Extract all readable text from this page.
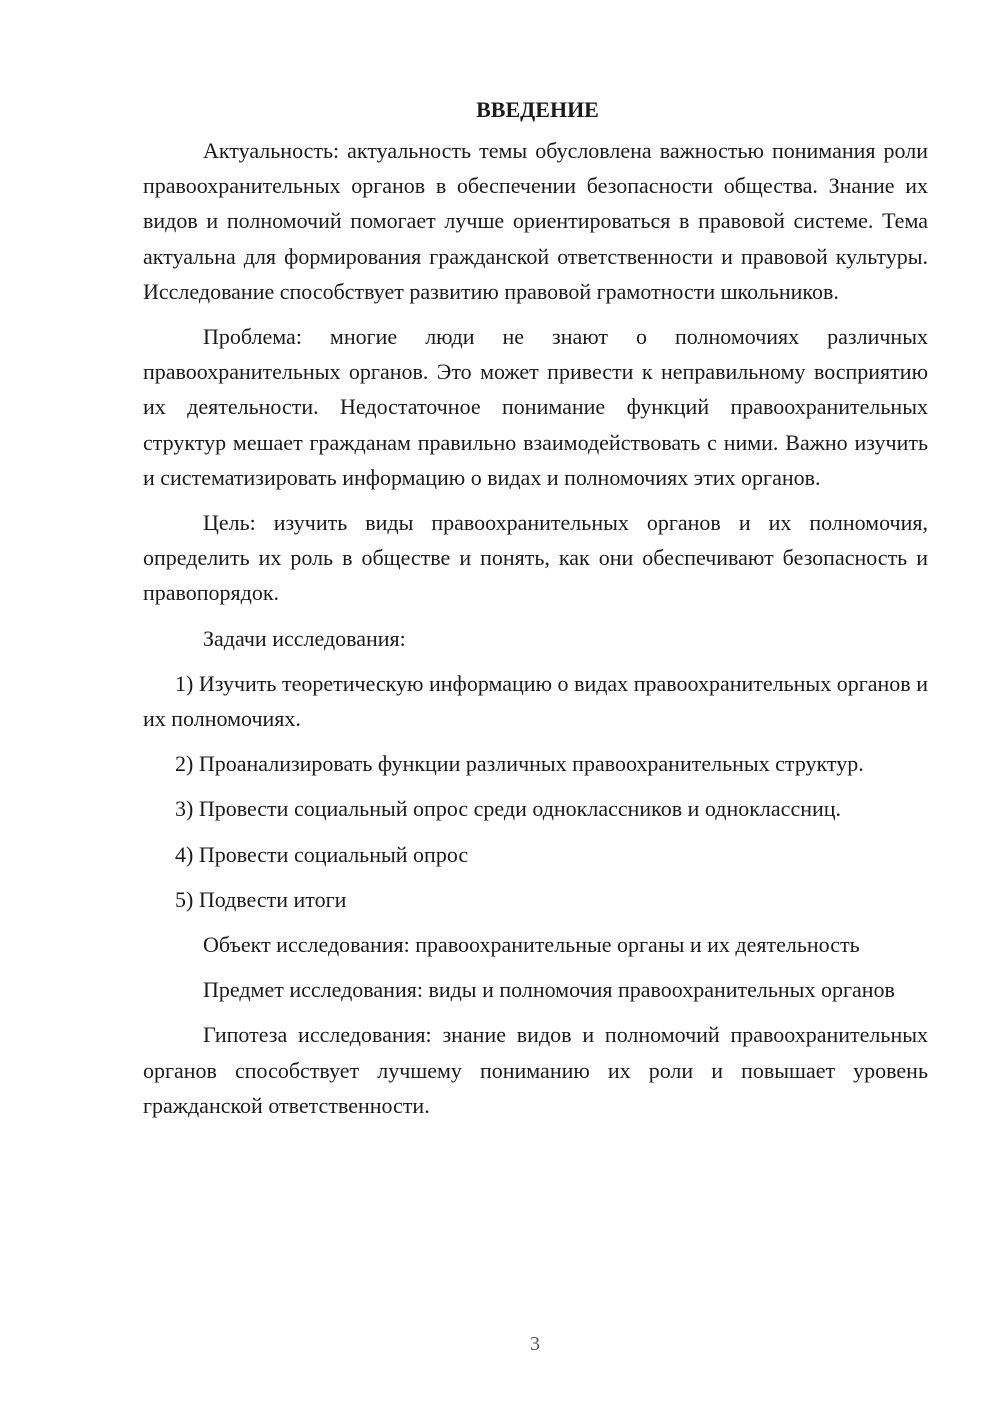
ВВЕДЕНИЕ

Актуальность: актуальность темы обусловлена важностью понимания роли правоохранительных органов в обеспечении безопасности общества. Знание их видов и полномочий помогает лучше ориентироваться в правовой системе. Тема актуальна для формирования гражданской ответственности и правовой культуры. Исследование способствует развитию правовой грамотности школьников.

Проблема: многие люди не знают о полномочиях различных правоохранительных органов. Это может привести к неправильному восприятию их деятельности. Недостаточное понимание функций правоохранительных структур мешает гражданам правильно взаимодействовать с ними. Важно изучить и систематизировать информацию о видах и полномочиях этих органов.

Цель: изучить виды правоохранительных органов и их полномочия, определить их роль в обществе и понять, как они обеспечивают безопасность и правопорядок.

Задачи исследования:

1) Изучить теоретическую информацию о видах правоохранительных органов и их полномочиях.

2) Проанализировать функции различных правоохранительных структур.

3) Провести социальный опрос среди одноклассников и одноклассниц.

4) Провести социальный опрос

5) Подвести итоги

Объект исследования: правоохранительные органы и их деятельность

Предмет исследования: виды и полномочия правоохранительных органов

Гипотеза исследования: знание видов и полномочий правоохранительных органов способствует лучшему пониманию их роли и повышает уровень гражданской ответственности.

3
